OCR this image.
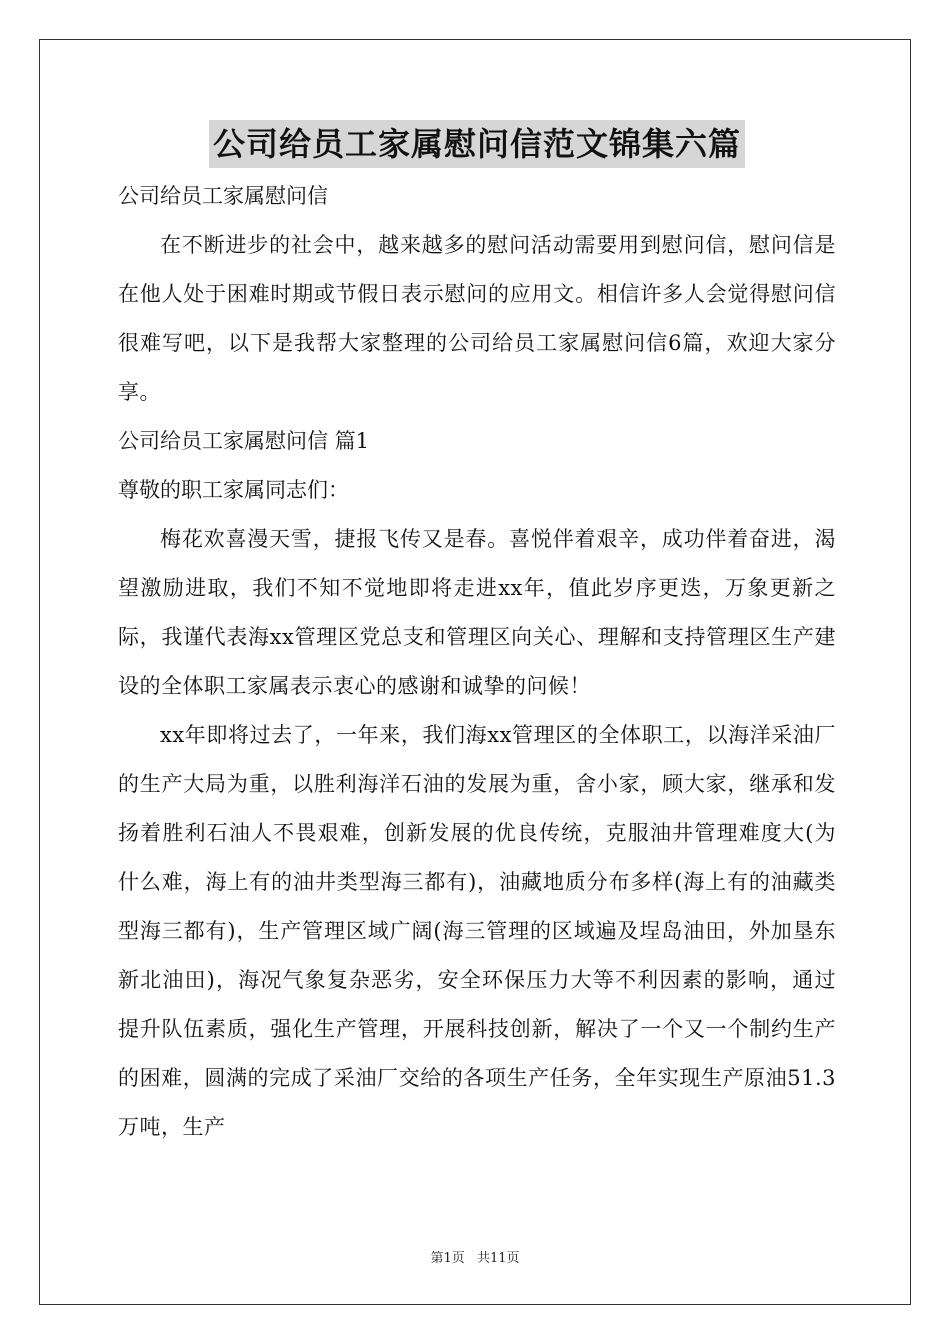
公司给员工家属慰问信范文锦集六篇
公司给员工家属慰问信
在不断进步的社会中，越来越多的慰问活动需要用到慰问信，慰问信是在他人处于困难时期或节假日表示慰问的应用文。相信许多人会觉得慰问信很难写吧，以下是我帮大家整理的公司给员工家属慰问信6篇，欢迎大家分享。
公司给员工家属慰问信 篇1
尊敬的职工家属同志们：
梅花欢喜漫天雪，捷报飞传又是春。喜悦伴着艰辛，成功伴着奋进，渴望激励进取，我们不知不觉地即将走进xx年，值此岁序更迭，万象更新之际，我谨代表海xx管理区党总支和管理区向关心、理解和支持管理区生产建设的全体职工家属表示衷心的感谢和诚挚的问候！
xx年即将过去了，一年来，我们海xx管理区的全体职工，以海洋采油厂的生产大局为重，以胜利海洋石油的发展为重，舍小家，顾大家，继承和发扬着胜利石油人不畏艰难，创新发展的优良传统，克服油井管理难度大(为什么难，海上有的油井类型海三都有)，油藏地质分布多样(海上有的油藏类型海三都有)，生产管理区域广阔(海三管理的区域遍及埕岛油田，外加垦东新北油田)，海况气象复杂恶劣，安全环保压力大等不利因素的影响，通过提升队伍素质，强化生产管理，开展科技创新，解决了一个又一个制约生产的困难，圆满的完成了采油厂交给的各项生产任务，全年实现生产原油51.3万吨，生产
第1页 共11页
